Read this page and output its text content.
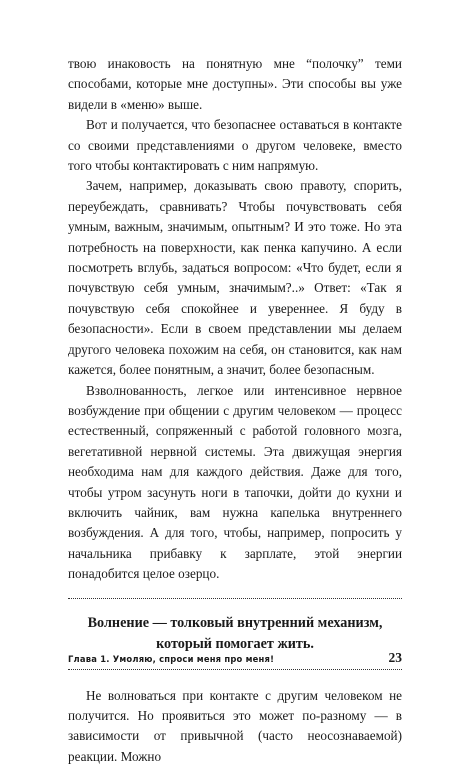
твою инаковость на понятную мне “полочку” теми способами, которые мне доступны». Эти способы вы уже видели в «меню» выше.

Вот и получается, что безопаснее оставаться в контакте со своими представлениями о другом человеке, вместо того чтобы контактировать с ним напрямую.

Зачем, например, доказывать свою правоту, спорить, переубеждать, сравнивать? Чтобы почувствовать себя умным, важным, значимым, опытным? И это тоже. Но эта потребность на поверхности, как пенка капучино. А если посмотреть вглубь, задаться вопросом: «Что будет, если я почувствую себя умным, значимым?..» Ответ: «Так я почувствую себя спокойнее и увереннее. Я буду в безопасности». Если в своем представлении мы делаем другого человека похожим на себя, он становится, как нам кажется, более понятным, а значит, более безопасным.

Взволнованность, легкое или интенсивное нервное возбуждение при общении с другим человеком — процесс естественный, сопряженный с работой головного мозга, вегетативной нервной системы. Эта движущая энергия необходима нам для каждого действия. Даже для того, чтобы утром засунуть ноги в тапочки, дойти до кухни и включить чайник, вам нужна капелька внутреннего возбуждения. А для того, чтобы, например, попросить у начальника прибавку к зарплате, этой энергии понадобится целое озерцо.

Волнение — толковый внутренний механизм, который помогает жить.

Не волноваться при контакте с другим человеком не получится. Но проявиться это может по-разному — в зависимости от привычной (часто неосознаваемой) реакции. Можно

Глава 1. Умоляю, спроси меня про меня!	23
